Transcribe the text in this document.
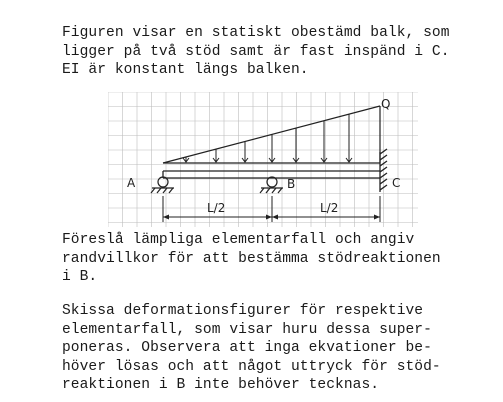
Figuren visar en statiskt obestämd balk, som
ligger på två stöd samt är fast inspänd i C.
EI är konstant längs balken.

Q
A	B	C
L/2	L/2

Föreslå lämpliga elementarfall och angiv
randvillkor för att bestämma stödreaktionen
i B.

Skissa deformationsfigurer för respektive
elementarfall, som visar huru dessa super-
poneras. Observera att inga ekvationer be-
höver lösas och att något uttryck för stöd-
reaktionen i B inte behöver tecknas.
